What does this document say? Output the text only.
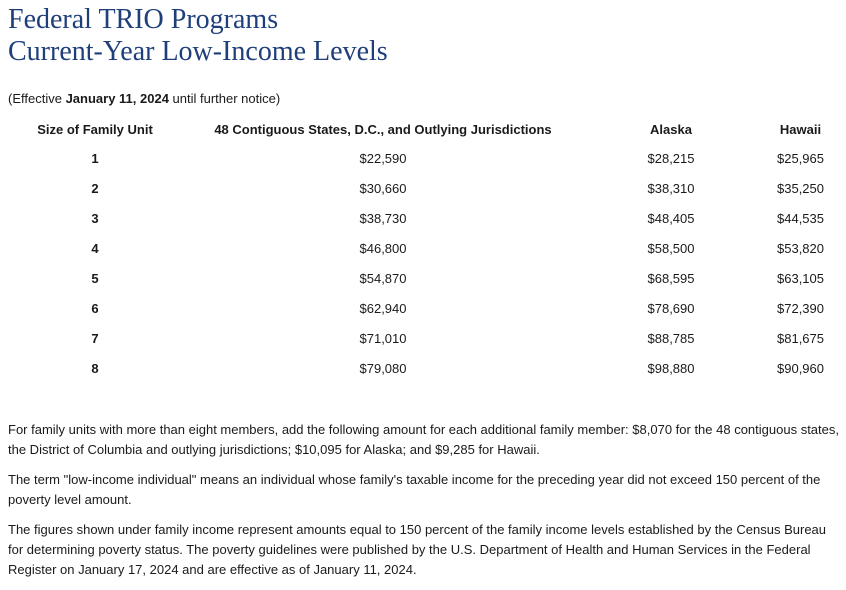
Federal TRIO Programs
Current-Year Low-Income Levels
(Effective January 11, 2024 until further notice)
Size of Family Unit	48 Contiguous States, D.C., and Outlying Jurisdictions	Alaska	Hawaii
1	$22,590	$28,215	$25,965
2	$30,660	$38,310	$35,250
3	$38,730	$48,405	$44,535
4	$46,800	$58,500	$53,820
5	$54,870	$68,595	$63,105
6	$62,940	$78,690	$72,390
7	$71,010	$88,785	$81,675
8	$79,080	$98,880	$90,960

For family units with more than eight members, add the following amount for each additional family member: $8,070 for the 48 contiguous states, the District of Columbia and outlying jurisdictions; $10,095 for Alaska; and $9,285 for Hawaii.

The term "low-income individual" means an individual whose family's taxable income for the preceding year did not exceed 150 percent of the poverty level amount.

The figures shown under family income represent amounts equal to 150 percent of the family income levels established by the Census Bureau for determining poverty status. The poverty guidelines were published by the U.S. Department of Health and Human Services in the Federal Register on January 17, 2024 and are effective as of January 11, 2024.
